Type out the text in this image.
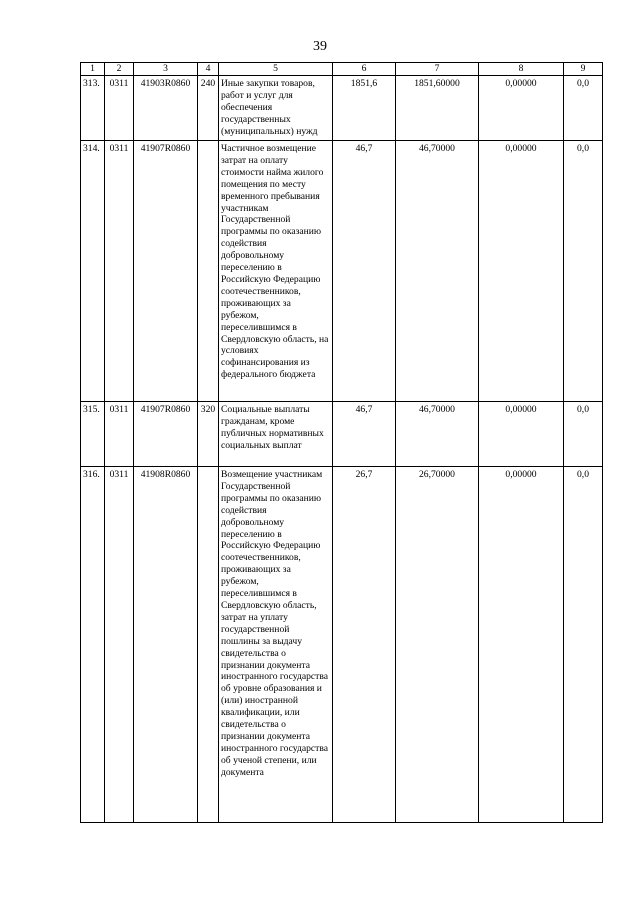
39
1	2	3	4	5	6	7	8	9
313.	0311	41903R0860	240	Иные закупки товаров, работ и услуг для обеспечения государственных (муниципальных) нужд	1851,6	1851,60000	0,00000	0,0
314.	0311	41907R0860		Частичное возмещение затрат на оплату стоимости найма жилого помещения по месту временного пребывания участникам Государственной программы по оказанию содействия добровольному переселению в Российскую Федерацию соотечественников, проживающих за рубежом, переселившимся в Свердловскую область, на условиях софинансирования из федерального бюджета	46,7	46,70000	0,00000	0,0
315.	0311	41907R0860	320	Социальные выплаты гражданам, кроме публичных нормативных социальных выплат	46,7	46,70000	0,00000	0,0
316.	0311	41908R0860		Возмещение участникам Государственной программы по оказанию содействия добровольному переселению в Российскую Федерацию соотечественников, проживающих за рубежом, переселившимся в Свердловскую область, затрат на уплату государственной пошлины за выдачу свидетельства о признании документа иностранного государства об уровне образования и (или) иностранной квалификации, или свидетельства о признании документа иностранного государства об ученой степени, или документа	26,7	26,70000	0,00000	0,0
